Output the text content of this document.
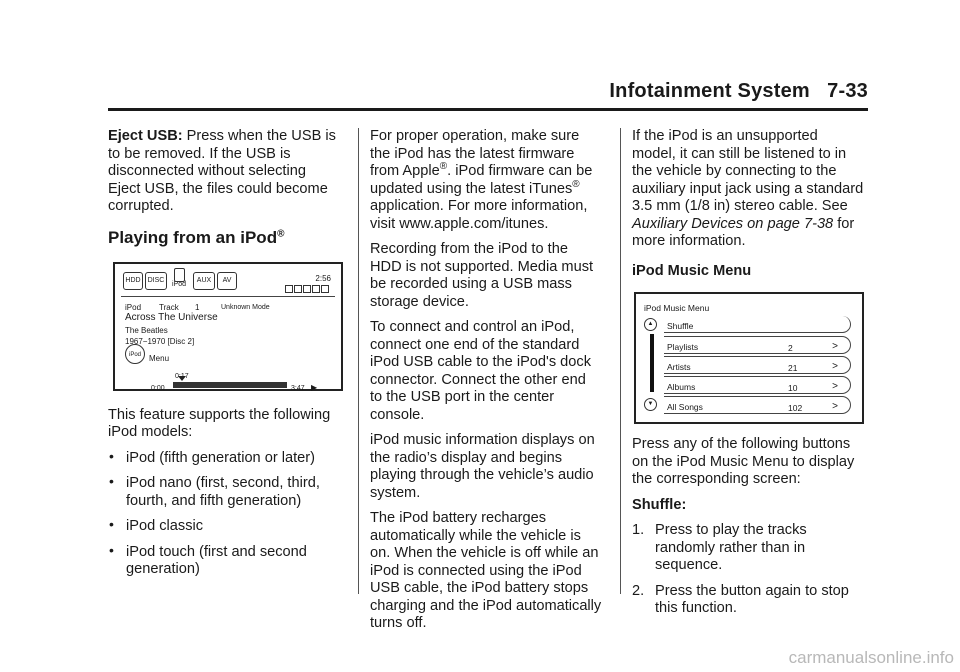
Infotainment System   7-33

Eject USB: Press when the USB is to be removed. If the USB is disconnected without selecting Eject USB, the files could become corrupted.

Playing from an iPod®
HDD	DISC
iPod
AUX	AV	2:56
iPod Track 1	Unknown Mode
Across The Universe
The Beatles
1967−1970 [Disc 2]
iPod	Menu
0:17
0:00	3:47 ▶

This feature supports the following iPod models:

• iPod (fifth generation or later)
• iPod nano (first, second, third, fourth, and fifth generation)
• iPod classic
• iPod touch (first and second generation)

For proper operation, make sure the iPod has the latest firmware from Apple®. iPod firmware can be updated using the latest iTunes® application. For more information, visit www.apple.com/itunes.

Recording from the iPod to the HDD is not supported. Media must be recorded using a USB mass storage device.

To connect and control an iPod, connect one end of the standard iPod USB cable to the iPod's dock connector. Connect the other end to the USB port in the center console.

iPod music information displays on the radio’s display and begins playing through the vehicle’s audio system.

The iPod battery recharges automatically while the vehicle is on. When the vehicle is off while an iPod is connected using the iPod USB cable, the iPod battery stops charging and the iPod automatically turns off.

If the iPod is an unsupported model, it can still be listened to in the vehicle by connecting to the auxiliary input jack using a standard 3.5 mm (1/8 in) stereo cable. See Auxiliary Devices on page 7-38 for more information.

iPod Music Menu

iPod Music Menu
▲
▼
Shuffle
Playlists	2	>
Artists	21	>
Albums	10	>
All Songs	102	>

Press any of the following buttons on the iPod Music Menu to display the corresponding screen:

Shuffle:

1. Press to play the tracks randomly rather than in sequence.
2. Press the button again to stop this function.
carmanualsonline.info
